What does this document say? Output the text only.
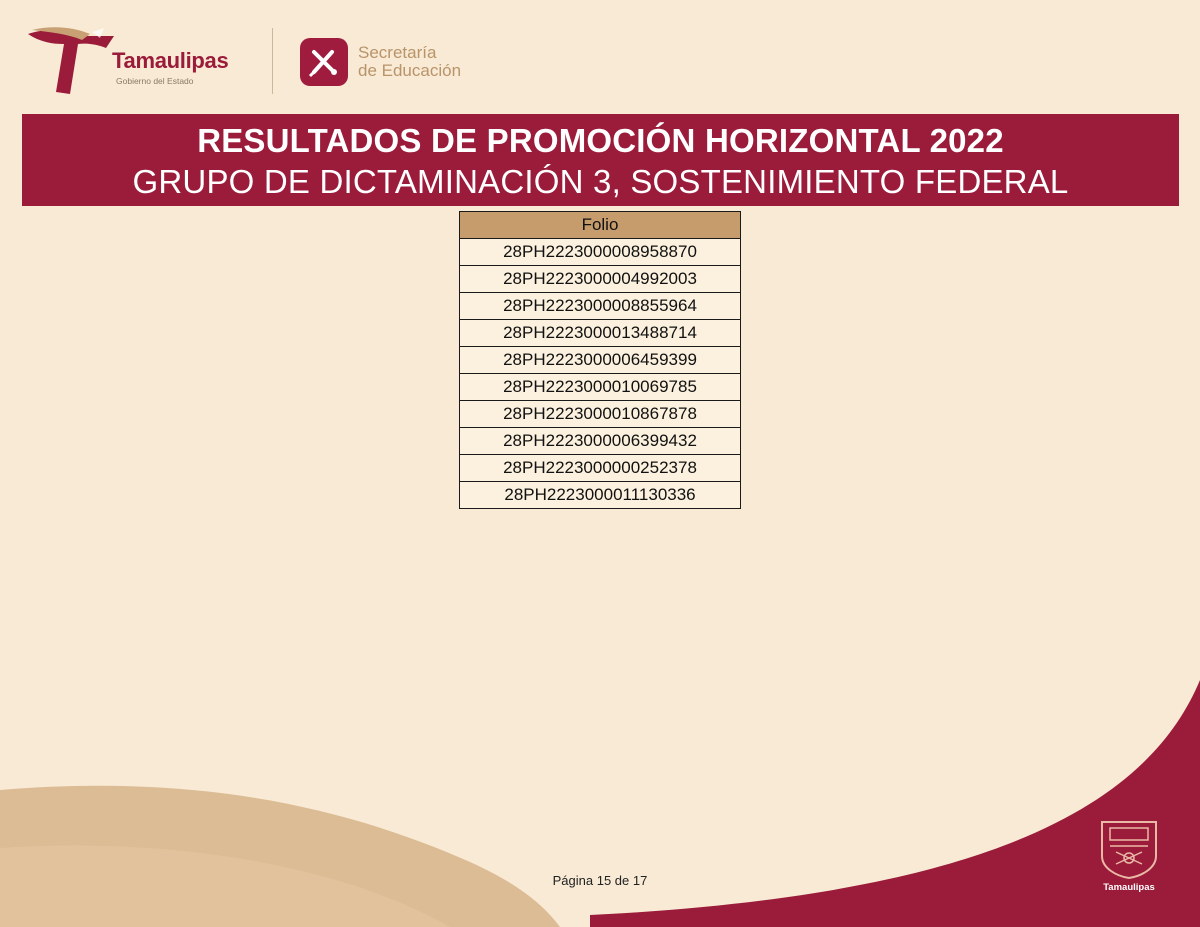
Tamaulipas
Gobierno del Estado
Secretaría
de Educación
RESULTADOS DE PROMOCIÓN HORIZONTAL 2022
GRUPO DE DICTAMINACIÓN 3, SOSTENIMIENTO FEDERAL
Folio
28PH2223000008958870
28PH2223000004992003
28PH2223000008855964
28PH2223000013488714
28PH2223000006459399
28PH2223000010069785
28PH2223000010867878
28PH2223000006399432
28PH2223000000252378
28PH2223000011130336
Página 15 de 17	Tamaulipas
